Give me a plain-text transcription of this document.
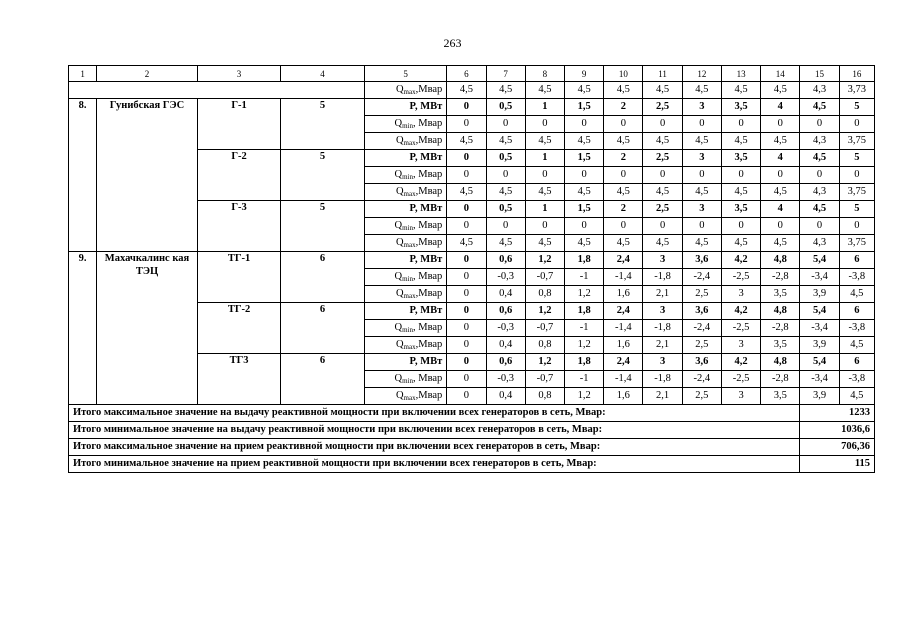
263
1	2	3	4	5	6	7	8	9	10	11	12	13	14	15	16
				Qmax,Мвар	4,5	4,5	4,5	4,5	4,5	4,5	4,5	4,5	4,5	4,3	3,73
8.	Гунибская ГЭС	Г-1	5	P, МВт	0	0,5	1	1,5	2	2,5	3	3,5	4	4,5	5
				Qmin, Мвар	0	0	0	0	0	0	0	0	0	0	0
				Qmax,Мвар	4,5	4,5	4,5	4,5	4,5	4,5	4,5	4,5	4,5	4,3	3,75
		Г-2	5	P, МВт	0	0,5	1	1,5	2	2,5	3	3,5	4	4,5	5
				Qmin, Мвар	0	0	0	0	0	0	0	0	0	0	0
				Qmax,Мвар	4,5	4,5	4,5	4,5	4,5	4,5	4,5	4,5	4,5	4,3	3,75
		Г-3	5	P, МВт	0	0,5	1	1,5	2	2,5	3	3,5	4	4,5	5
				Qmin, Мвар	0	0	0	0	0	0	0	0	0	0	0
				Qmax,Мвар	4,5	4,5	4,5	4,5	4,5	4,5	4,5	4,5	4,5	4,3	3,75
9.	Махачкалинс кая ТЭЦ	ТГ-1	6	P, МВт	0	0,6	1,2	1,8	2,4	3	3,6	4,2	4,8	5,4	6
				Qmin, Мвар	0	-0,3	-0,7	-1	-1,4	-1,8	-2,4	-2,5	-2,8	-3,4	-3,8
				Qmax,Мвар	0	0,4	0,8	1,2	1,6	2,1	2,5	3	3,5	3,9	4,5
		ТГ-2	6	P, МВт	0	0,6	1,2	1,8	2,4	3	3,6	4,2	4,8	5,4	6
				Qmin, Мвар	0	-0,3	-0,7	-1	-1,4	-1,8	-2,4	-2,5	-2,8	-3,4	-3,8
				Qmax,Мвар	0	0,4	0,8	1,2	1,6	2,1	2,5	3	3,5	3,9	4,5
		ТГ3	6	P, МВт	0	0,6	1,2	1,8	2,4	3	3,6	4,2	4,8	5,4	6
				Qmin, Мвар	0	-0,3	-0,7	-1	-1,4	-1,8	-2,4	-2,5	-2,8	-3,4	-3,8
				Qmax,Мвар	0	0,4	0,8	1,2	1,6	2,1	2,5	3	3,5	3,9	4,5
Итого максимальное значение на выдачу реактивной мощности при включении всех генераторов в сеть, Мвар:														1233	
Итого минимальное значение на выдачу реактивной мощности при включении всех генераторов в сеть, Мвар:														1036,6	
Итого максимальное значение на прием реактивной мощности при включении всех генераторов в сеть, Мвар:														706,36	
Итого минимальное значение на прием реактивной мощности при включении всех генераторов в сеть, Мвар:														115	
